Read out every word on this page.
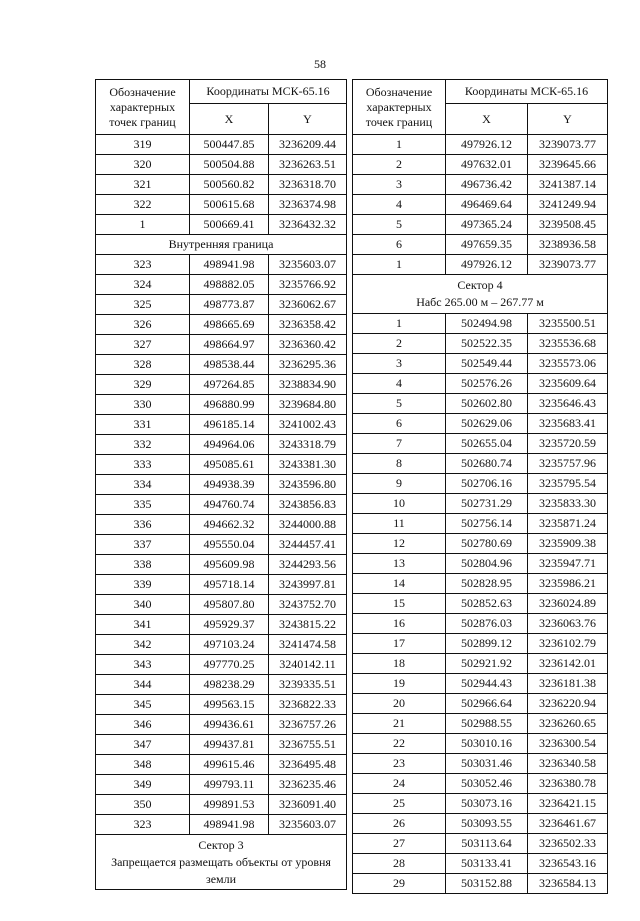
58
Обозначение характерных точек границ	Координаты МСК-65.16	
	X	Y
319	500447.85	3236209.44
320	500504.88	3236263.51
321	500560.82	3236318.70
322	500615.68	3236374.98
1	500669.41	3236432.32

Внутренняя граница		

323	498941.98	3235603.07
324	498882.05	3235766.92
325	498773.87	3236062.67
326	498665.69	3236358.42
327	498664.97	3236360.42
328	498538.44	3236295.36
329	497264.85	3238834.90
330	496880.99	3239684.80
331	496185.14	3241002.43
332	494964.06	3243318.79
333	495085.61	3243381.30
334	494938.39	3243596.80
335	494760.74	3243856.83
336	494662.32	3244000.88
337	495550.04	3244457.41
338	495609.98	3244293.56
339	495718.14	3243997.81
340	495807.80	3243752.70
341	495929.37	3243815.22
342	497103.24	3241474.58
343	497770.25	3240142.11
344	498238.29	3239335.51
345	499563.15	3236822.33
346	499436.61	3236757.26
347	499437.81	3236755.51
348	499615.46	3236495.48
349	499793.11	3236235.46
350	499891.53	3236091.40
323	498941.98	3235603.07

Сектор 3
Запрещается размещать объекты от уровня земли		
Обозначение характерных точек границ	Координаты МСК-65.16	
	X	Y
1	497926.12	3239073.77
2	497632.01	3239645.66
3	496736.42	3241387.14
4	496469.64	3241249.94
5	497365.24	3239508.45
6	497659.35	3238936.58
1	497926.12	3239073.77

Сектор 4
Набс 265.00 м – 267.77 м		

1	502494.98	3235500.51
2	502522.35	3235536.68
3	502549.44	3235573.06
4	502576.26	3235609.64
5	502602.80	3235646.43
6	502629.06	3235683.41
7	502655.04	3235720.59
8	502680.74	3235757.96
9	502706.16	3235795.54
10	502731.29	3235833.30
11	502756.14	3235871.24
12	502780.69	3235909.38
13	502804.96	3235947.71
14	502828.95	3235986.21
15	502852.63	3236024.89
16	502876.03	3236063.76
17	502899.12	3236102.79
18	502921.92	3236142.01
19	502944.43	3236181.38
20	502966.64	3236220.94
21	502988.55	3236260.65
22	503010.16	3236300.54
23	503031.46	3236340.58
24	503052.46	3236380.78
25	503073.16	3236421.15
26	503093.55	3236461.67
27	503113.64	3236502.33
28	503133.41	3236543.16
29	503152.88	3236584.13
